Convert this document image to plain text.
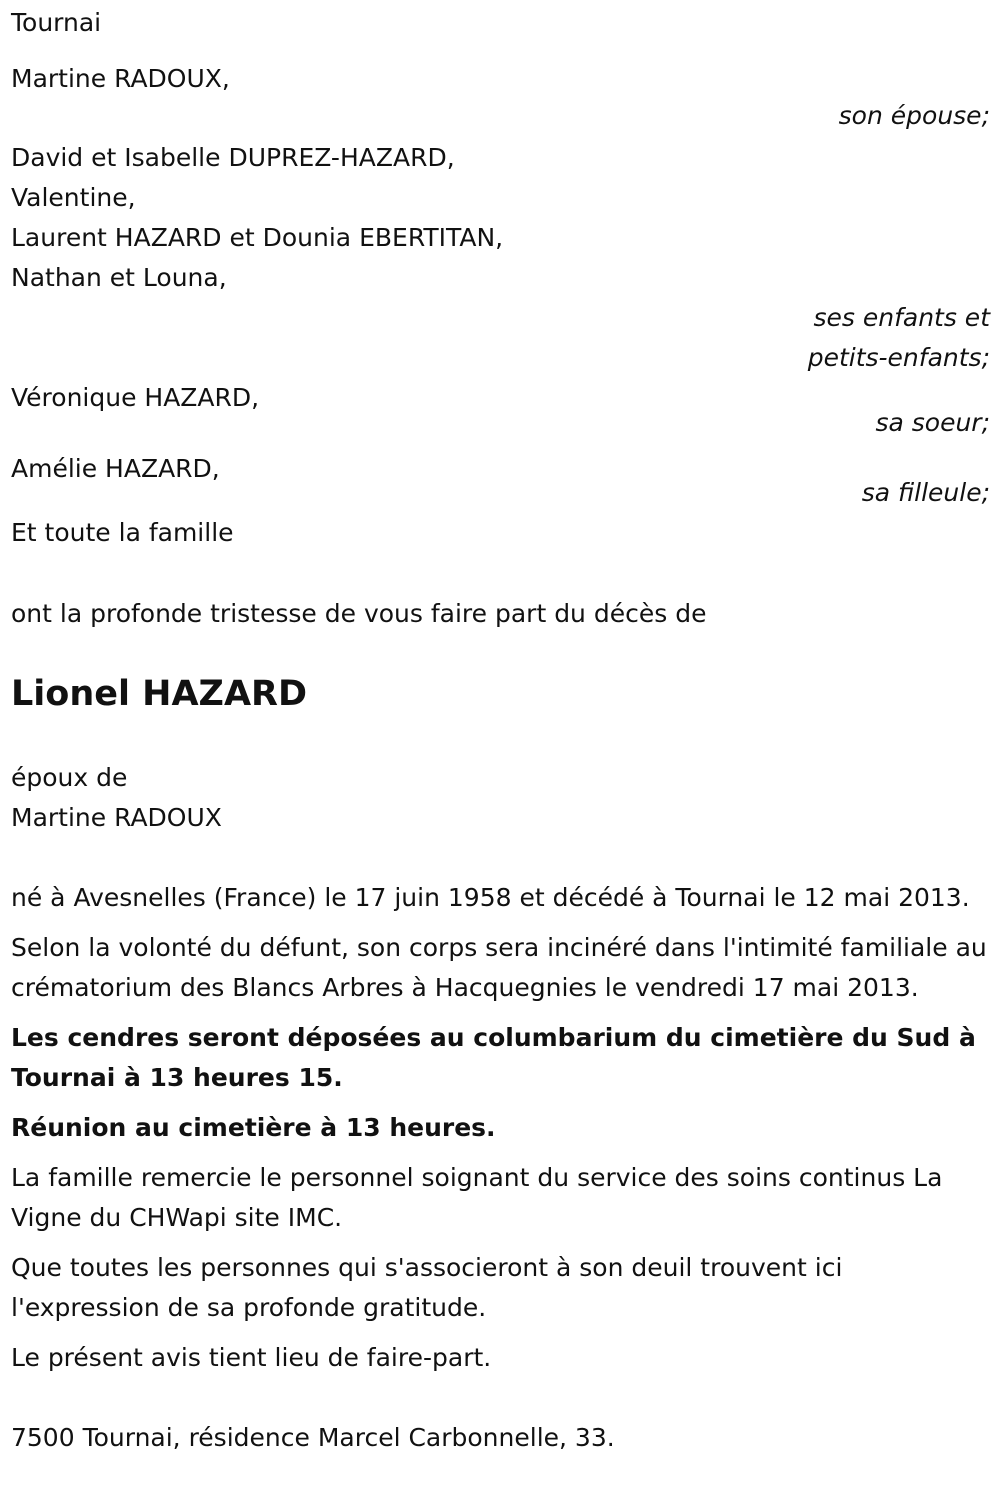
Tournai
Martine RADOUX,
son épouse;
David et Isabelle DUPREZ-HAZARD,
Valentine,
Laurent HAZARD et Dounia EBERTITAN,
Nathan et Louna,
ses enfants et
petits-enfants;
Véronique HAZARD,
sa soeur;
Amélie HAZARD,
sa filleule;
Et toute la famille
ont la profonde tristesse de vous faire part du décès de
Lionel HAZARD
époux de
Martine RADOUX
né à Avesnelles (France) le 17 juin 1958 et décédé à Tournai le 12 mai 2013.
Selon la volonté du défunt, son corps sera incinéré dans l'intimité familiale au crématorium des Blancs Arbres à Hacquegnies le vendredi 17 mai 2013.
Les cendres seront déposées au columbarium du cimetière du Sud à Tournai à 13 heures 15.
Réunion au cimetière à 13 heures.
La famille remercie le personnel soignant du service des soins continus La Vigne du CHWapi site IMC.
Que toutes les personnes qui s'associeront à son deuil trouvent ici l'expression de sa profonde gratitude.
Le présent avis tient lieu de faire-part.
7500 Tournai, résidence Marcel Carbonnelle, 33.
